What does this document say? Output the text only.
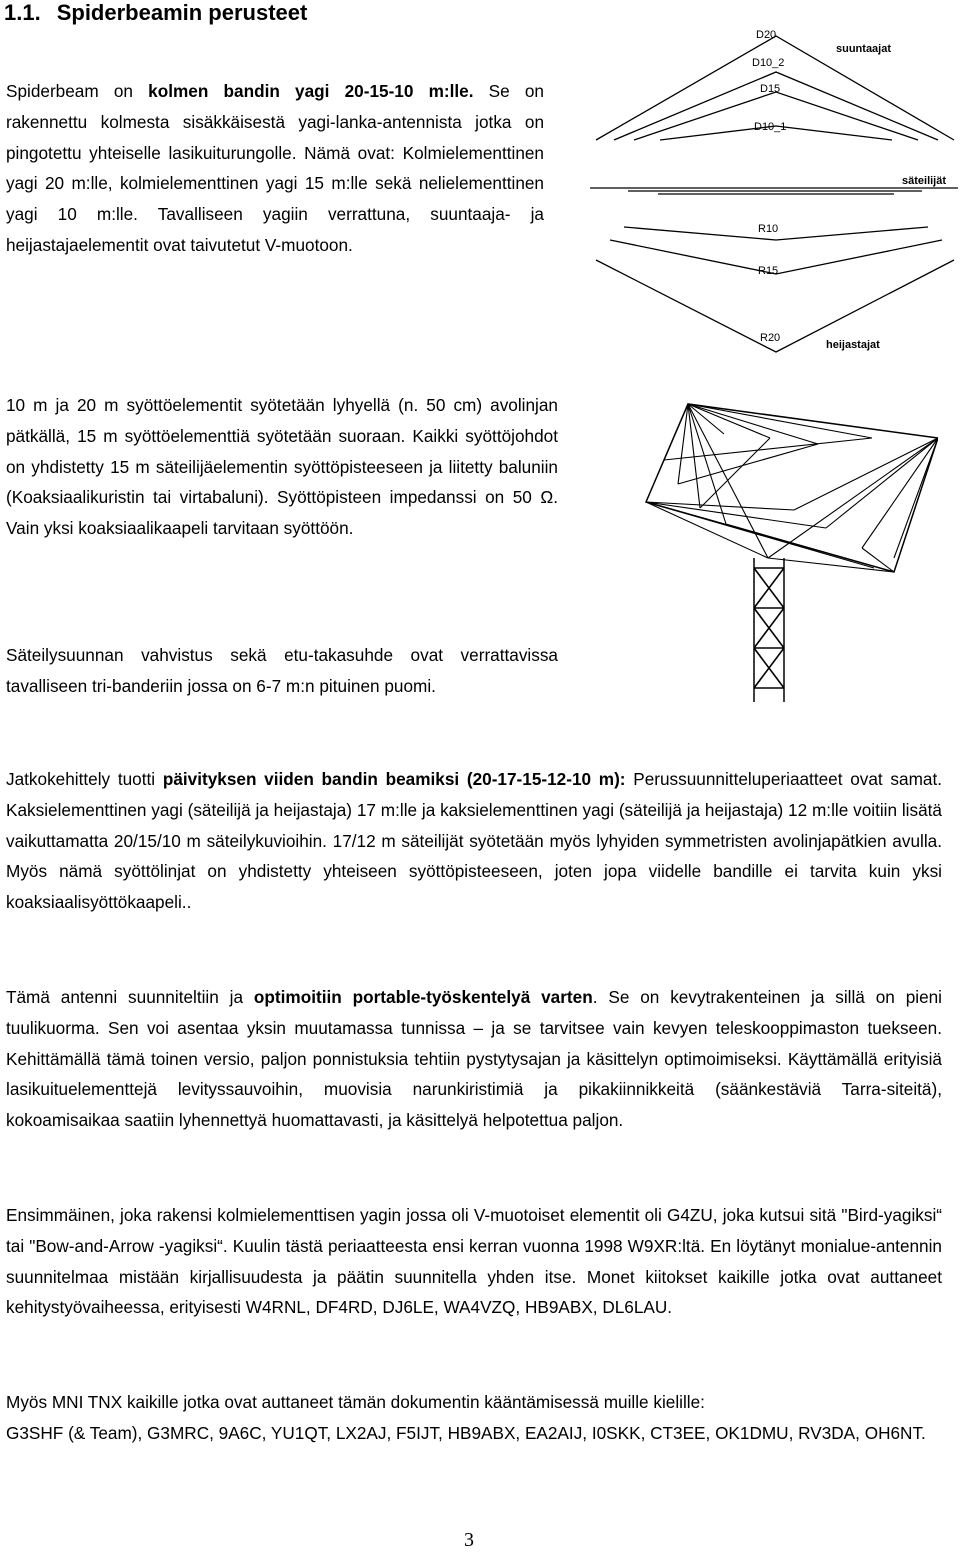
1.1. Spiderbeamin perusteet

Spiderbeam on kolmen bandin yagi 20-15-10 m:lle. Se on rakennettu kolmesta sisäkkäisestä yagi-lanka-antennista jotka on pingotettu yhteiselle lasikuiturungolle. Nämä ovat: Kolmielementtinen yagi 20 m:lle, kolmielementtinen yagi 15 m:lle sekä nelielementtinen yagi 10 m:lle. Tavalliseen yagiin verrattuna, suuntaaja- ja heijastajaelementit ovat taivutetut V-muotoon.

D20
D10_2
D15
D10_1
suuntaajat
säteilijät
R10
R15
R20
heijastajat

10 m ja 20 m syöttöelementit syötetään lyhyellä (n. 50 cm) avolinjan pätkällä, 15 m syöttöelementtiä syötetään suoraan. Kaikki syöttöjohdot on yhdistetty 15 m säteilijäelementin syöttöpisteeseen ja liitetty baluniin (Koaksiaalikuristin tai virtabaluni). Syöttöpisteen impedanssi on 50 Ω. Vain yksi koaksiaalikaapeli tarvitaan syöttöön.

Säteilysuunnan vahvistus sekä etu-takasuhde ovat verrattavissa tavalliseen tri-banderiin jossa on 6-7 m:n pituinen puomi.

Jatkokehittely tuotti päivityksen viiden bandin beamiksi (20-17-15-12-10 m): Perussuunnitteluperiaatteet ovat samat. Kaksielementtinen yagi (säteilijä ja heijastaja) 17 m:lle ja kaksielementtinen yagi (säteilijä ja heijastaja) 12 m:lle voitiin lisätä vaikuttamatta 20/15/10 m säteilykuvioihin. 17/12 m säteilijät syötetään myös lyhyiden symmetristen avolinjapätkien avulla. Myös nämä syöttölinjat on yhdistetty yhteiseen syöttöpisteeseen, joten jopa viidelle bandille ei tarvita kuin yksi koaksiaalisyöttökaapeli..

Tämä antenni suunniteltiin ja optimoitiin portable-työskentelyä varten. Se on kevytrakenteinen ja sillä on pieni tuulikuorma. Sen voi asentaa yksin muutamassa tunnissa – ja se tarvitsee vain kevyen teleskooppimaston tuekseen. Kehittämällä tämä toinen versio, paljon ponnistuksia tehtiin pystytysajan ja käsittelyn optimoimiseksi. Käyttämällä erityisiä lasikuituelementtejä levityssauvoihin, muovisia narunkiristimiä ja pikakiinnikkeitä (säänkestäviä Tarra-siteitä), kokoamisaikaa saatiin lyhennettyä huomattavasti, ja käsittelyä helpotettua paljon.

Ensimmäinen, joka rakensi kolmielementtisen yagin jossa oli V-muotoiset elementit oli G4ZU, joka kutsui sitä "Bird-yagiksi“ tai "Bow-and-Arrow -yagiksi“. Kuulin tästä periaatteesta ensi kerran vuonna 1998 W9XR:ltä. En löytänyt monialue-antennin suunnitelmaa mistään kirjallisuudesta ja päätin suunnitella yhden itse. Monet kiitokset kaikille jotka ovat auttaneet kehitystyövaiheessa, erityisesti W4RNL, DF4RD, DJ6LE, WA4VZQ, HB9ABX, DL6LAU.

Myös MNI TNX kaikille jotka ovat auttaneet tämän dokumentin kääntämisessä muille kielille:
G3SHF (& Team), G3MRC, 9A6C, YU1QT, LX2AJ, F5IJT, HB9ABX, EA2AIJ, I0SKK, CT3EE, OK1DMU, RV3DA, OH6NT.
3
